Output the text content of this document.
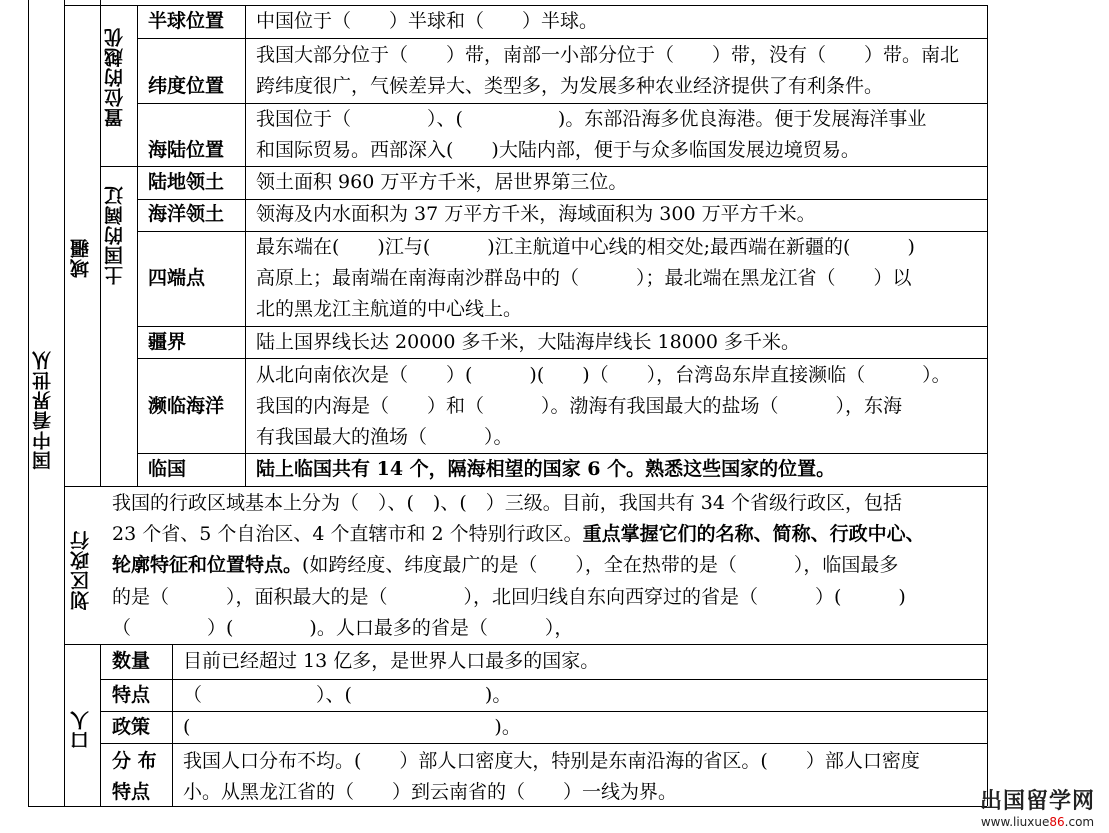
国中看界世从
域疆
置位的越优
土国的阔辽
划区政行
口人
半球位置
纬度位置
海陆位置
陆地领土
海洋领土
四端点
疆界
濒临海洋
临国
数量
特点
政策
分 布
特点
中国位于（　　）半球和（　　）半球。
我国大部分位于（　　）带，南部一小部分位于（　　）带，没有（　　）带。南北
跨纬度很广，气候差异大、类型多，为发展多种农业经济提供了有利条件。
我国位于（　　　　）、(　　　　　)。东部沿海多优良海港。便于发展海洋事业
和国际贸易。西部深入(　　)大陆内部，便于与众多临国发展边境贸易。
领土面积 960 万平方千米，居世界第三位。
领海及内水面积为 37 万平方千米，海域面积为 300 万平方千米。
最东端在(　　)江与(　　　)江主航道中心线的相交处;最西端在新疆的(　　　)
高原上；最南端在南海南沙群岛中的（　　　）；最北端在黑龙江省（　　）以
北的黑龙江主航道的中心线上。
陆上国界线长达 20000 多千米，大陆海岸线长 18000 多千米。
从北向南依次是（　　）(　　　)(　　)（　　），台湾岛东岸直接濒临（　　　）。
我国的内海是（　　）和（　　　）。渤海有我国最大的盐场（　　　），东海
有我国最大的渔场（　　　）。
陆上临国共有 14 个，隔海相望的国家 6 个。熟悉这些国家的位置。
我国的行政区域基本上分为（　）、(　)、(　）三级。目前，我国共有 34 个省级行政区，包括
23 个省、5 个自治区、4 个直辖市和 2 个特别行政区。重点掌握它们的名称、简称、行政中心、
轮廓特征和位置特点。(如跨经度、纬度最广的是（　　），全在热带的是（　　　），临国最多
的是（　　　），面积最大的是（　　　　），北回归线自东向西穿过的省是（　　　）(　　　)
（　　　　）(　　　　)。人口最多的省是（　　　），
目前已经超过 13 亿多，是世界人口最多的国家。
（　　　　　　）、(　　　　　　　)。
(　　　　　　　　　　　　　　　　)。
我国人口分布不均。(　　）部人口密度大，特别是东南沿海的省区。(　　）部人口密度
小。从黑龙江省的（　　）到云南省的（　　）一线为界。	出国留学网
www.liuxue86.com
